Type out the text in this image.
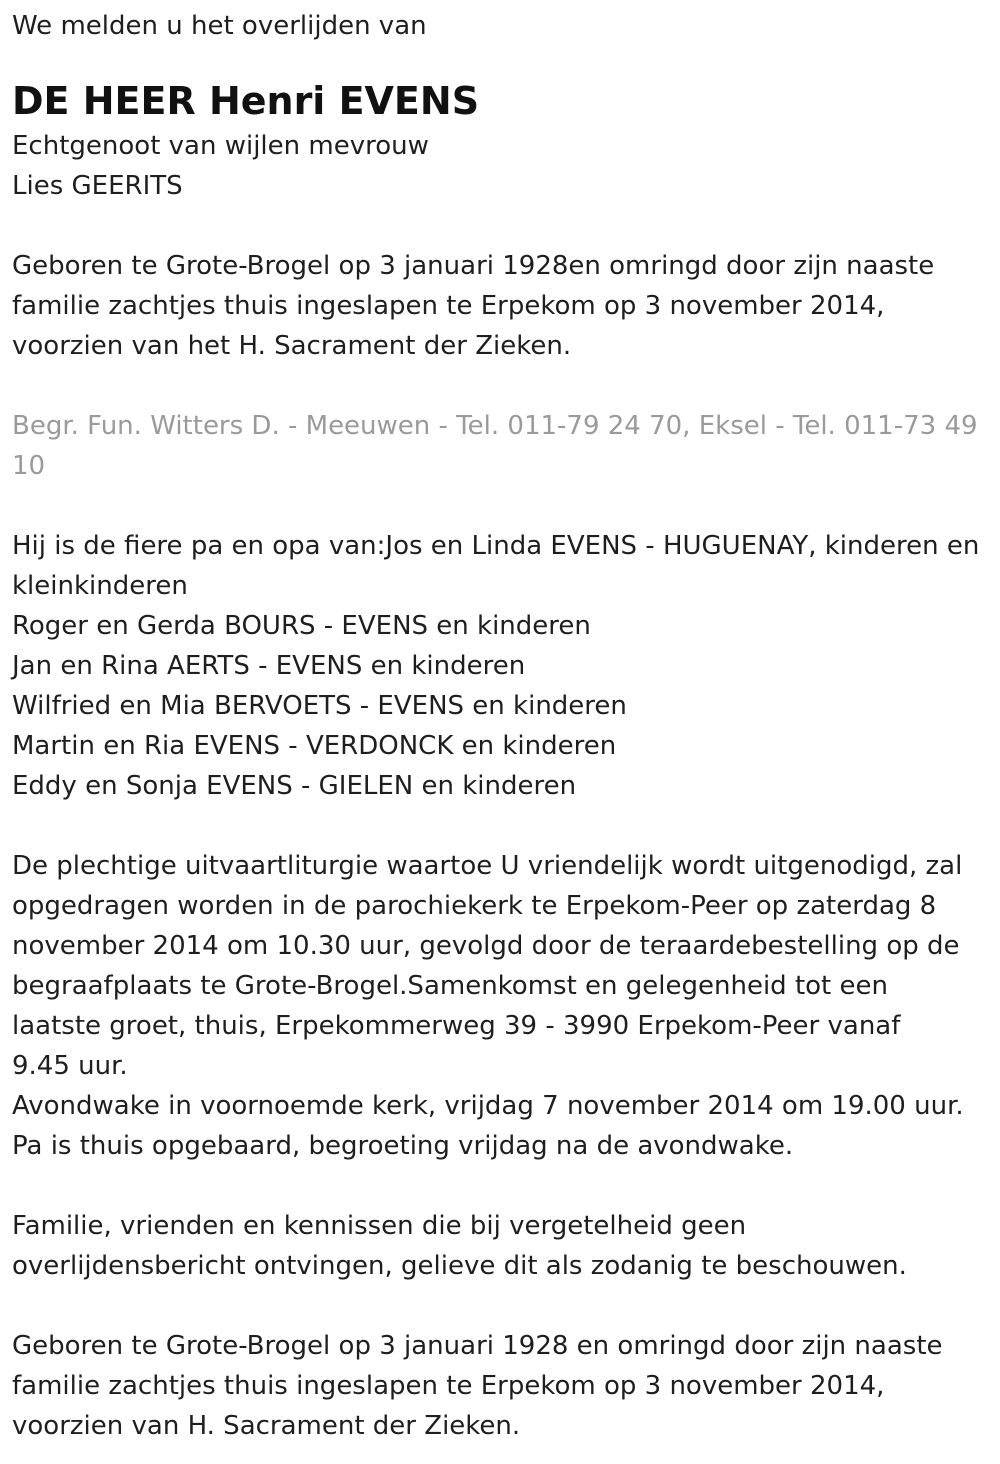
We melden u het overlijden van
DE HEER Henri EVENS
Echtgenoot van wijlen mevrouw
Lies GEERITS
Geboren te Grote-Brogel op 3 januari 1928en omringd door zijn naaste
familie zachtjes thuis ingeslapen te Erpekom op 3 november 2014,
voorzien van het H. Sacrament der Zieken.
Begr. Fun. Witters D. - Meeuwen - Tel. 011-79 24 70, Eksel - Tel. 011-73 49
10
Hij is de fiere pa en opa van:Jos en Linda EVENS - HUGUENAY, kinderen en
kleinkinderen
Roger en Gerda BOURS - EVENS en kinderen
Jan en Rina AERTS - EVENS en kinderen
Wilfried en Mia BERVOETS - EVENS en kinderen
Martin en Ria EVENS - VERDONCK en kinderen
Eddy en Sonja EVENS - GIELEN en kinderen
De plechtige uitvaartliturgie waartoe U vriendelijk wordt uitgenodigd, zal
opgedragen worden in de parochiekerk te Erpekom-Peer op zaterdag 8
november 2014 om 10.30 uur, gevolgd door de teraardebestelling op de
begraafplaats te Grote-Brogel.Samenkomst en gelegenheid tot een
laatste groet, thuis, Erpekommerweg 39 - 3990 Erpekom-Peer vanaf
9.45 uur.
Avondwake in voornoemde kerk, vrijdag 7 november 2014 om 19.00 uur.
Pa is thuis opgebaard, begroeting vrijdag na de avondwake.
Familie, vrienden en kennissen die bij vergetelheid geen
overlijdensbericht ontvingen, gelieve dit als zodanig te beschouwen.
Geboren te Grote-Brogel op 3 januari 1928 en omringd door zijn naaste
familie zachtjes thuis ingeslapen te Erpekom op 3 november 2014,
voorzien van H. Sacrament der Zieken.
